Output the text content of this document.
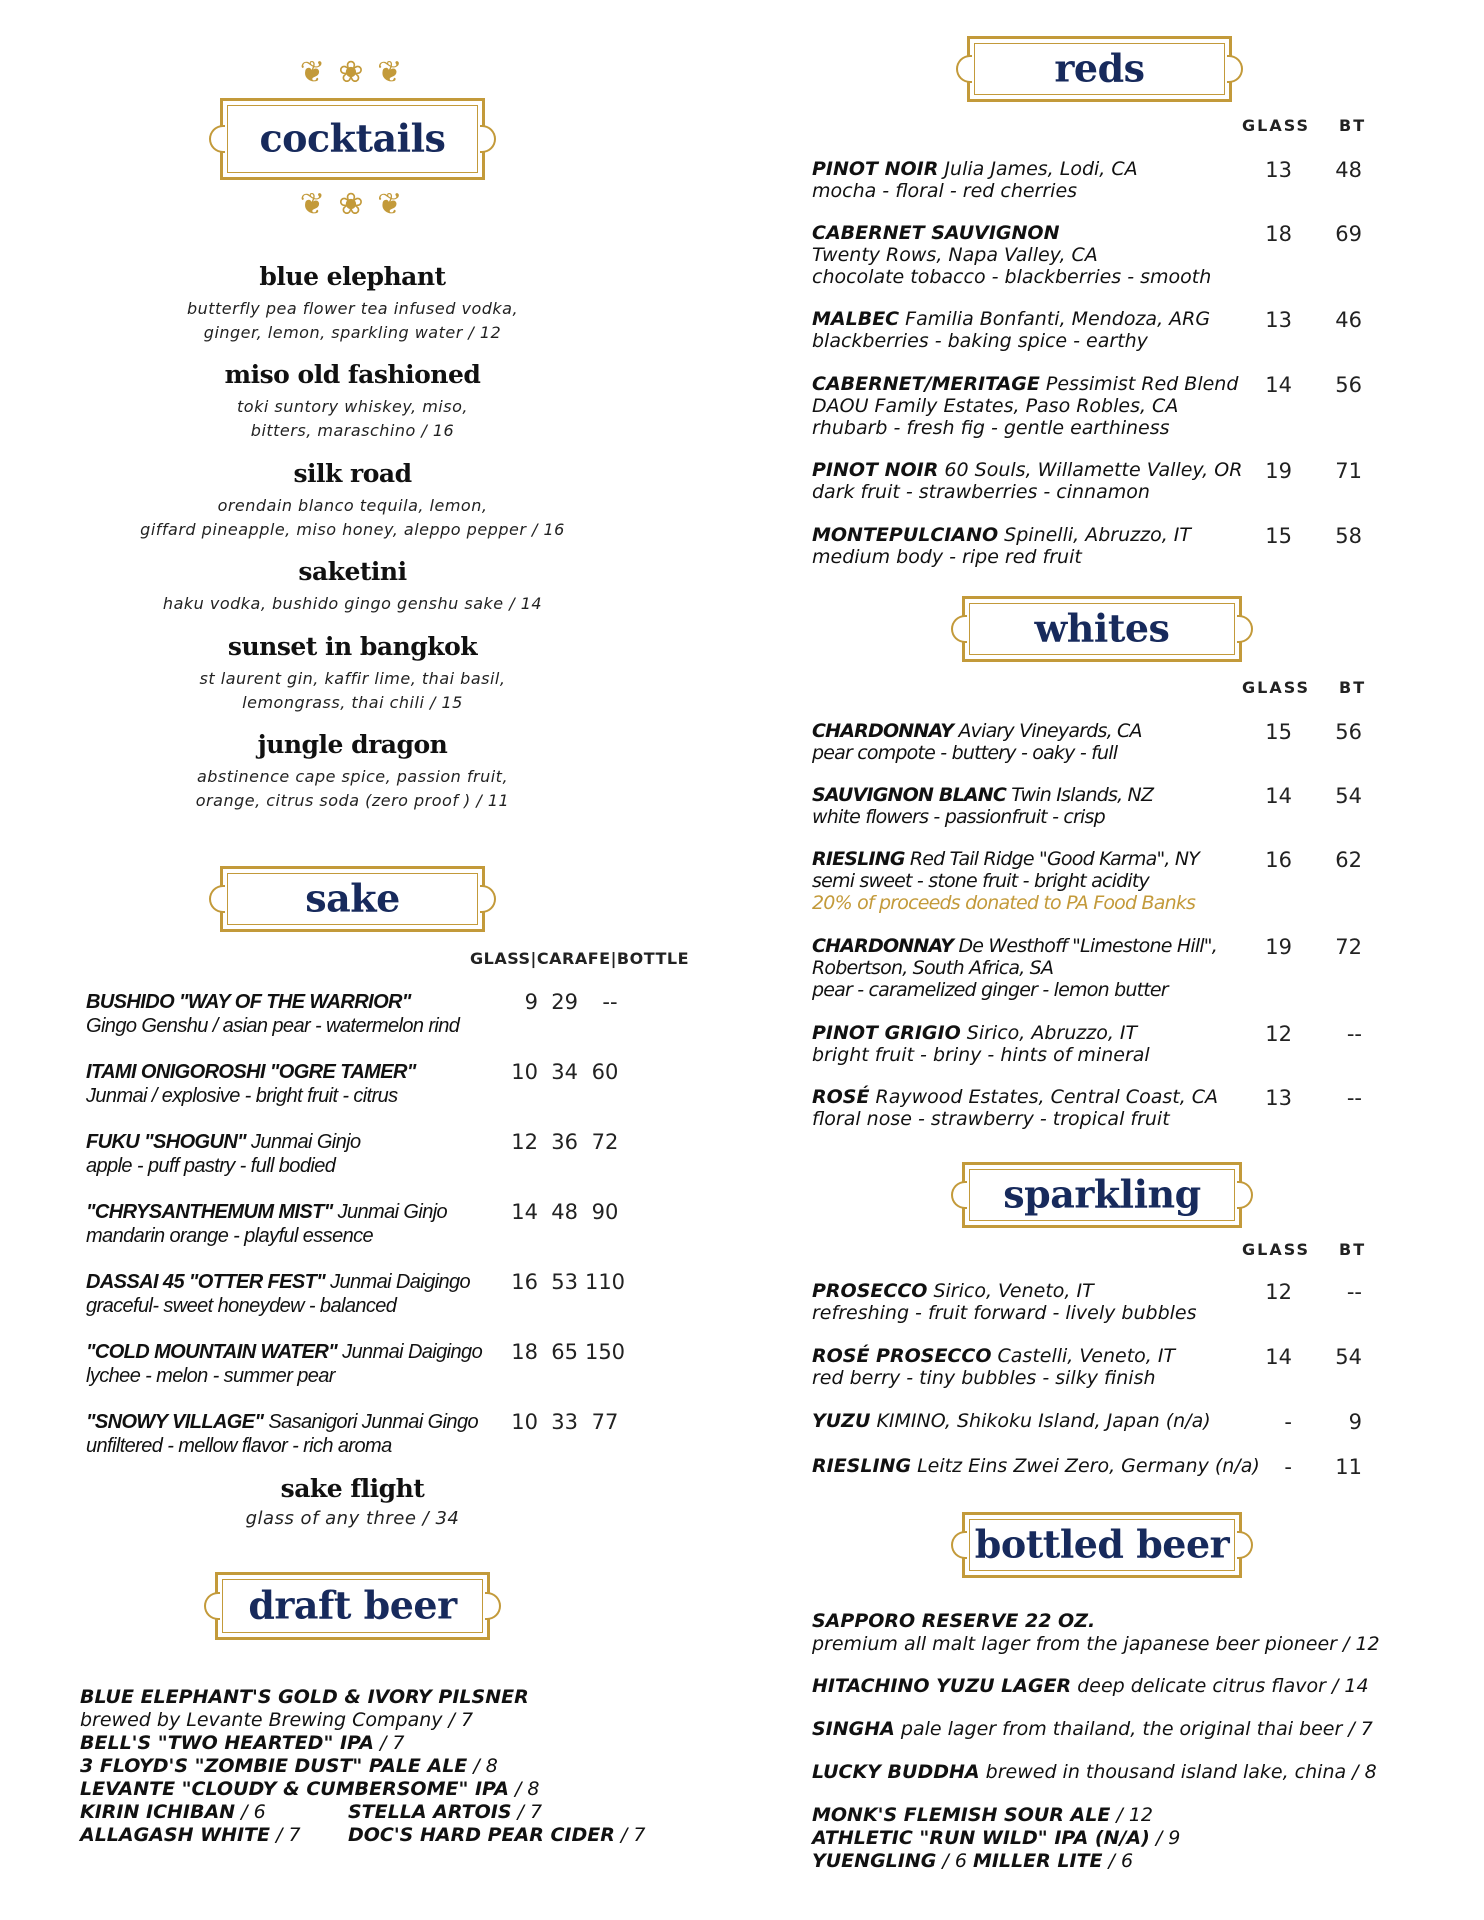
❦ ❀ ❦
cocktails
❦ ❀ ❦
blue elephant
butterfly pea flower tea infused vodka,
ginger, lemon, sparkling water / 12
miso old fashioned
toki suntory whiskey, miso,
bitters, maraschino / 16
silk road
orendain blanco tequila, lemon,
giffard pineapple, miso honey, aleppo pepper / 16
saketini
haku vodka, bushido gingo genshu sake / 14
sunset in bangkok
st laurent gin, kaffir lime, thai basil,
lemongrass, thai chili / 15
jungle dragon
abstinence cape spice, passion fruit,
orange, citrus soda (zero proof ) / 11
sake
GLASS|CARAFE|BOTTLE
BUSHIDO "WAY OF THE WARRIOR"
Gingo Genshu / asian pear - watermelon rind
9 29	--
ITAMI ONIGOROSHI "OGRE TAMER"
Junmai / explosive - bright fruit - citrus
10 34 60
FUKU "SHOGUN" Junmai Ginjo
apple - puff pastry - full bodied
12 36 72
"CHRYSANTHEMUM MIST" Junmai Ginjo
mandarin orange - playful essence
14 48 90
DASSAI 45 "OTTER FEST" Junmai Daigingo
graceful- sweet honeydew - balanced
16 53 110
"COLD MOUNTAIN WATER" Junmai Daigingo
lychee - melon - summer pear
18 65 150
"SNOWY VILLAGE" Sasanigori Junmai Gingo
unfiltered - mellow flavor - rich aroma
10 33 77
sake flight
glass of any three / 34
draft beer
BLUE ELEPHANT'S GOLD & IVORY PILSNER
brewed by Levante Brewing Company / 7
BELL'S "TWO HEARTED" IPA / 7
3 FLOYD'S "ZOMBIE DUST" PALE ALE / 8
LEVANTE "CLOUDY & CUMBERSOME" IPA / 8
KIRIN ICHIBAN / 6	STELLA ARTOIS / 7
ALLAGASH WHITE / 7 DOC'S HARD PEAR CIDER / 7
reds
GLASS BT
PINOT NOIR Julia James, Lodi, CA
mocha - floral - red cherries
13	48
CABERNET SAUVIGNON
Twenty Rows, Napa Valley, CA
chocolate tobacco - blackberries - smooth
18	69
MALBEC Familia Bonfanti, Mendoza, ARG
blackberries - baking spice - earthy
13	46
CABERNET/MERITAGE Pessimist Red Blend
DAOU Family Estates, Paso Robles, CA
rhubarb - fresh fig - gentle earthiness
14	56
PINOT NOIR 60 Souls, Willamette Valley, OR
dark fruit - strawberries - cinnamon
19	71
MONTEPULCIANO Spinelli, Abruzzo, IT
medium body - ripe red fruit
15	58
whites
GLASS BT
CHARDONNAY Aviary Vineyards, CA
pear compote - buttery - oaky - full
15	56
SAUVIGNON BLANC Twin Islands, NZ
white flowers - passionfruit - crisp
14	54
RIESLING Red Tail Ridge "Good Karma", NY
semi sweet - stone fruit - bright acidity
20% of proceeds donated to PA Food Banks
16	62
CHARDONNAY De Westhoff "Limestone Hill",
Robertson, South Africa, SA
pear - caramelized ginger - lemon butter
19	72
PINOT GRIGIO Sirico, Abruzzo, IT
bright fruit - briny - hints of mineral
12	--
ROSÉ Raywood Estates, Central Coast, CA
floral nose - strawberry - tropical fruit
13	--
sparkling
GLASS BT
PROSECCO Sirico, Veneto, IT
refreshing - fruit forward - lively bubbles
12	--
ROSÉ PROSECCO Castelli, Veneto, IT
red berry - tiny bubbles - silky finish
14	54
YUZU KIMINO, Shikoku Island, Japan (n/a)	-	9
RIESLING Leitz Eins Zwei Zero, Germany (n/a)	-	11
bottled beer
SAPPORO RESERVE 22 OZ.
premium all malt lager from the japanese beer pioneer / 12
HITACHINO YUZU LAGER deep delicate citrus flavor / 14
SINGHA pale lager from thailand, the original thai beer / 7
LUCKY BUDDHA brewed in thousand island lake, china / 8
MONK'S FLEMISH SOUR ALE / 12
ATHLETIC "RUN WILD" IPA (N/A) / 9
YUENGLING / 6 MILLER LITE / 6
